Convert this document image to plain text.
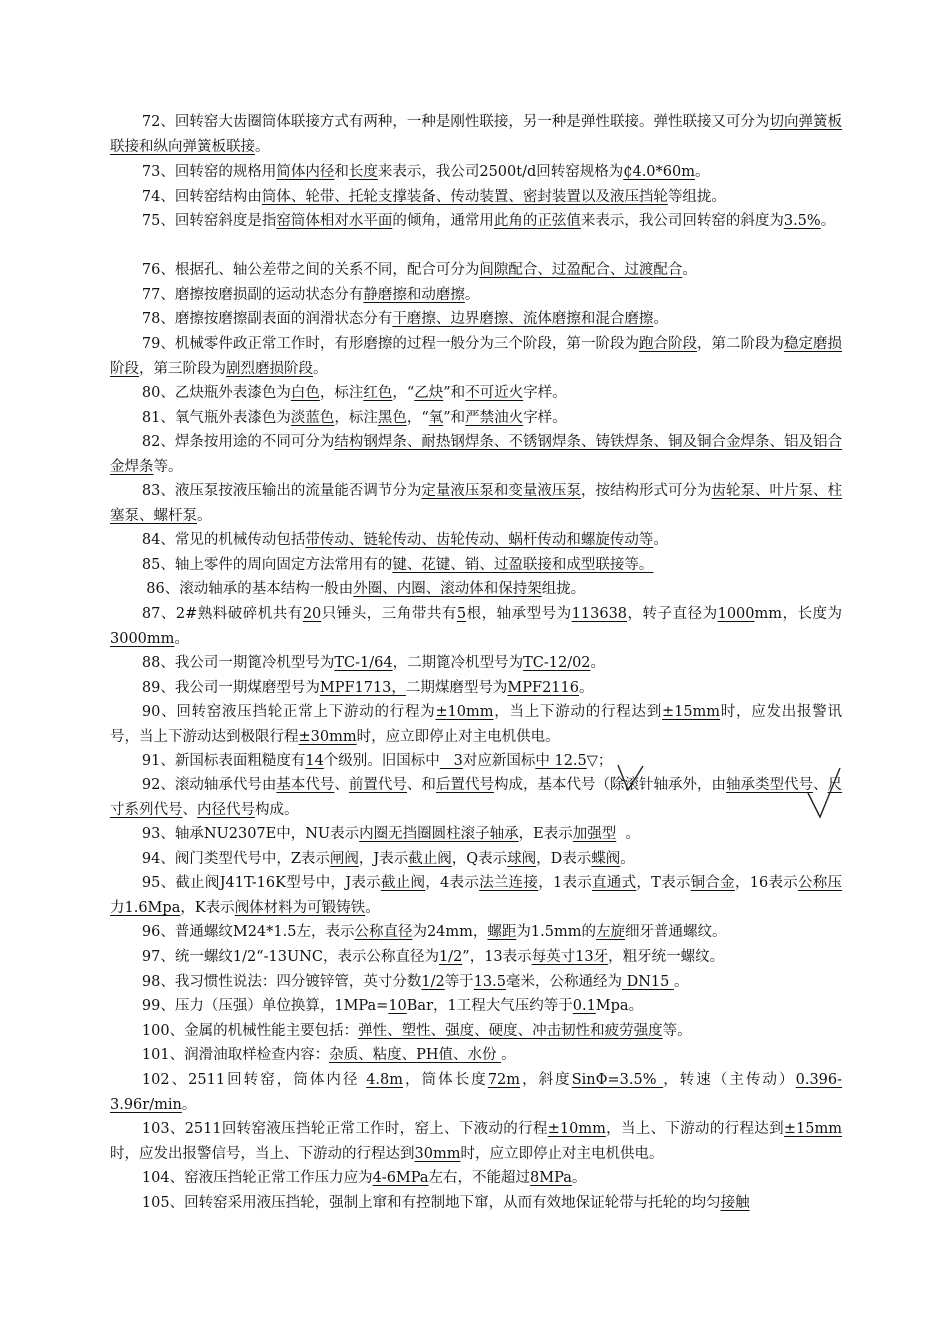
72、回转窑大齿圈筒体联接方式有两种，一种是刚性联接，另一种是弹性联接。弹性联接又可分为切向弹簧板联接和纵向弹簧板联接。

73、回转窑的规格用简体内径和长度来表示，我公司2500t/d回转窑规格为₵4.0*60m。

74、回转窑结构由筒体、轮带、托轮支撑装备、传动装置、密封装置以及液压挡轮等组拢。

75、回转窑斜度是指窑筒体相对水平面的倾角，通常用此角的正弦值来表示，我公司回转窑的斜度为3.5%。

76、根据孔、轴公差带之间的关系不同，配合可分为间隙配合、过盈配合、过渡配合。

77、磨擦按磨损副的运动状态分有静磨擦和动磨擦。

78、磨擦按磨擦副表面的润滑状态分有干磨擦、边界磨擦、流体磨擦和混合磨擦。

79、机械零件政正常工作时，有形磨擦的过程一般分为三个阶段，第一阶段为跑合阶段，第二阶段为稳定磨损阶段，第三阶段为剧烈磨损阶段。

80、乙炔瓶外表漆色为白色，标注红色，“乙炔”和不可近火字样。

81、氧气瓶外表漆色为淡蓝色，标注黑色，“氧”和严禁油火字样。

82、焊条按用途的不同可分为结构钢焊条、耐热钢焊条、不锈钢焊条、铸铁焊条、铜及铜合金焊条、铝及铝合金焊条等。

83、液压泵按液压输出的流量能否调节分为定量液压泵和变量液压泵，按结构形式可分为齿轮泵、叶片泵、柱塞泵、螺杆泵。

84、常见的机械传动包括带传动、链轮传动、齿轮传动、蜗杆传动和螺旋传动等。

85、轴上零件的周向固定方法常用有的键、花键、销、过盈联接和成型联接等。

86、滚动轴承的基本结构一般由外圈、内圈、滚动体和保持架组拢。

87、2#熟料破碎机共有20只锤头，三角带共有5根，轴承型号为113638，转子直径为1000mm，长度为3000mm。

88、我公司一期篦冷机型号为TC-1/64，二期篦冷机型号为TC-12/02。

89、我公司一期煤磨型号为MPF1713，二期煤磨型号为MPF2116。

90、回转窑液压挡轮正常上下游动的行程为±10mm，当上下游动的行程达到±15mm时，应发出报警讯号，当上下游动达到极限行程±30mm时，应立即停止对主电机供电。

91、新国标表面粗糙度有14个级别。旧国标中   3对应新国标中 12.5▽；

92、滚动轴承代号由基本代号、前置代号、和后置代号构成，基本代号（除滚针轴承外，由轴承类型代号、尺寸系列代号、内径代号构成。

93、轴承NU2307E中，NU表示内圈无挡圈圆柱滚子轴承，E表示加强型  。

94、阀门类型代号中，Z表示闸阀，J表示截止阀，Q表示球阀，D表示蝶阀。

95、截止阀J41T-16K型号中，J表示截止阀，4表示法兰连接，1表示直通式，T表示铜合金，16表示公称压力1.6Mpa，K表示阀体材料为可锻铸铁。

96、普通螺纹M24*1.5左，表示公称直径为24mm，螺距为1.5mm的左旋细牙普通螺纹。

97、统一螺纹1/2“-13UNC，表示公称直径为1/2”，13表示每英寸13牙，粗牙统一螺纹。

98、我习惯性说法：四分镀锌管，英寸分数1/2等于13.5毫米，公称通经为 DN15 。

99、压力（压强）单位换算，1MPa=10Bar，1工程大气压约等于0.1Mpa。

100、金属的机械性能主要包括：弹性、塑性、强度、硬度、冲击韧性和疲劳强度等。

101、润滑油取样检查内容：杂质、粘度、PH值、水份 。

102、2511回转窑，筒体内径 4.8m，筒体长度72m，斜度SinΦ=3.5% ，转速（主传动）0.396-3.96r/min。

103、2511回转窑液压挡轮正常工作时，窑上、下液动的行程±10mm，当上、下游动的行程达到±15mm时，应发出报警信号，当上、下游动的行程达到30mm时，应立即停止对主电机供电。

104、窑液压挡轮正常工作压力应为4-6MPa左右，不能超过8MPa。

105、回转窑采用液压挡轮，强制上窜和有控制地下窜，从而有效地保证轮带与托轮的均匀接触
